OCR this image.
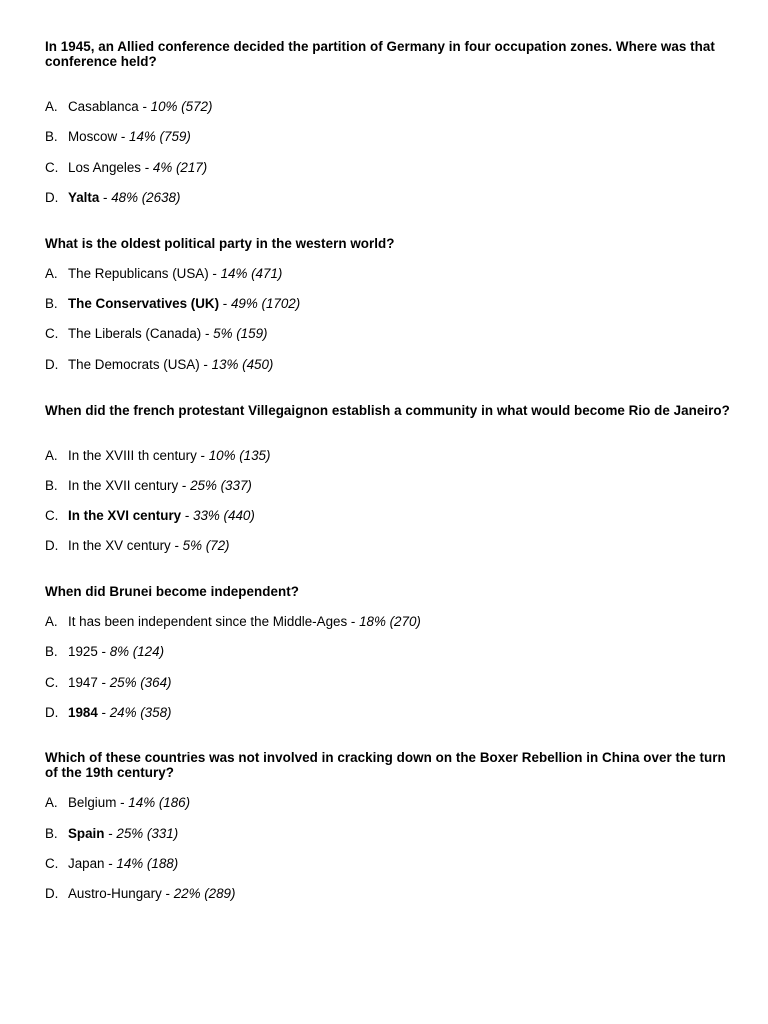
In 1945, an Allied conference decided the partition of Germany in four occupation zones. Where was that conference held?
A. Casablanca - 10% (572)
B. Moscow - 14% (759)
C. Los Angeles - 4% (217)
D. Yalta - 48% (2638)
What is the oldest political party in the western world?
A. The Republicans (USA) - 14% (471)
B. The Conservatives (UK) - 49% (1702)
C. The Liberals (Canada) - 5% (159)
D. The Democrats (USA) - 13% (450)
When did the french protestant Villegaignon establish a community in what would become Rio de Janeiro?
A. In the XVIII th century - 10% (135)
B. In the XVII century - 25% (337)
C. In the XVI century - 33% (440)
D. In the XV century - 5% (72)
When did Brunei become independent?
A. It has been independent since the Middle-Ages - 18% (270)
B. 1925 - 8% (124)
C. 1947 - 25% (364)
D. 1984 - 24% (358)
Which of these countries was not involved in cracking down on the Boxer Rebellion in China over the turn of the 19th century?
A. Belgium - 14% (186)
B. Spain - 25% (331)
C. Japan - 14% (188)
D. Austro-Hungary - 22% (289)
